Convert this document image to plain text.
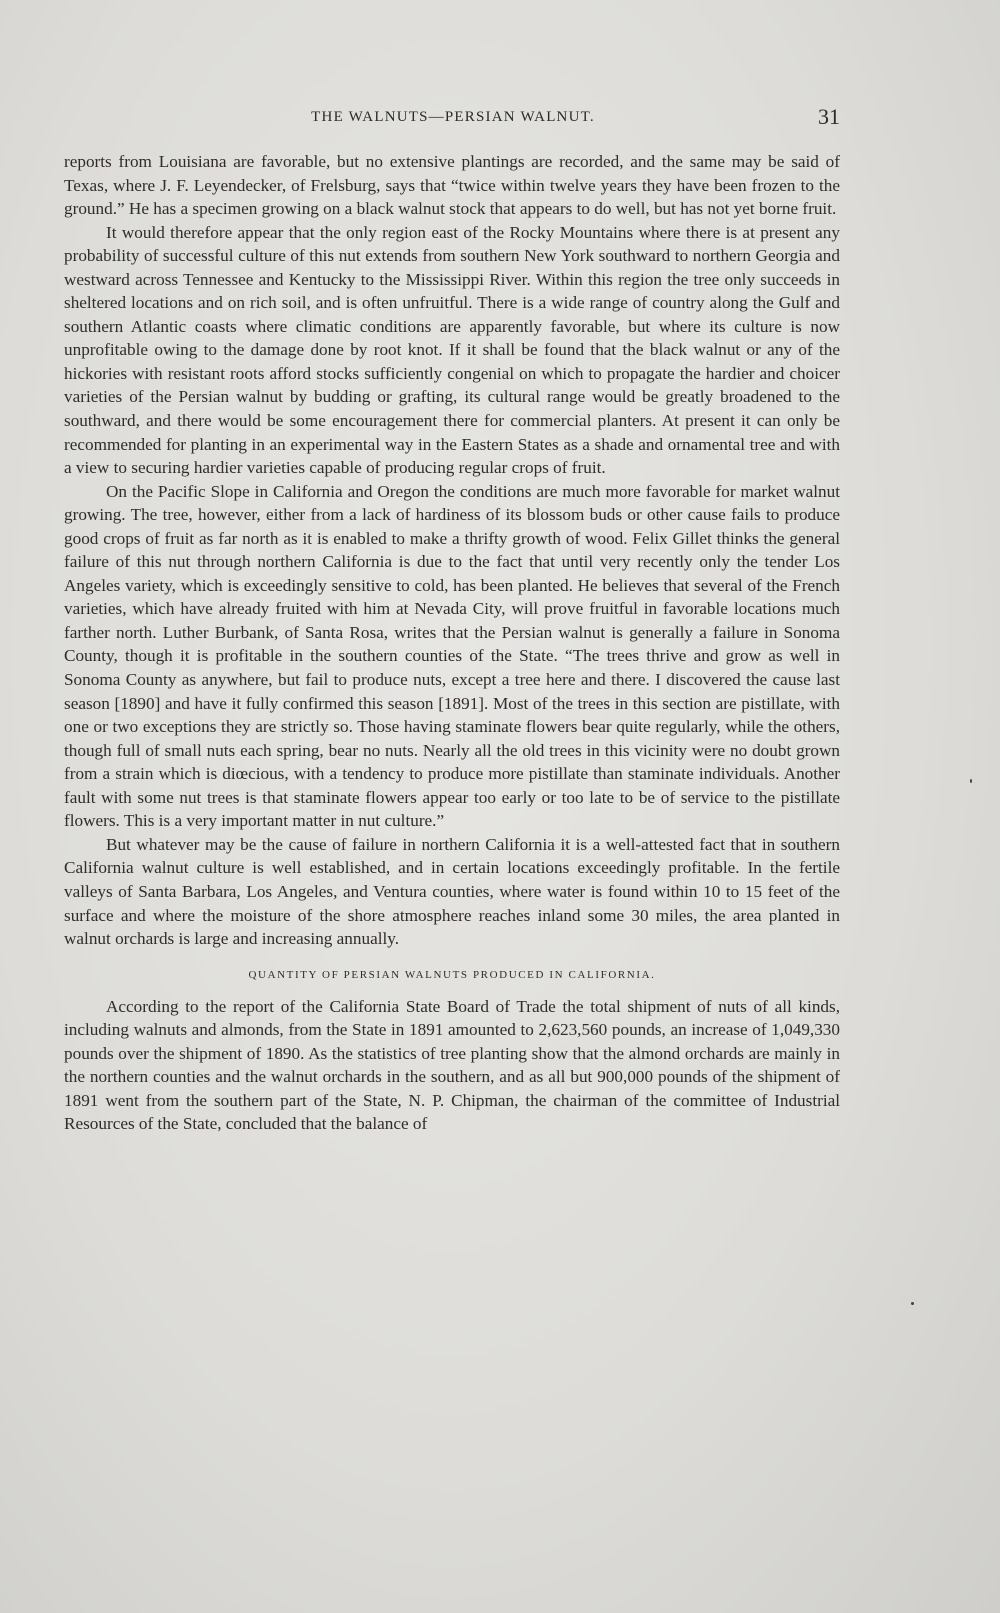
THE WALNUTS—PERSIAN WALNUT.	31

reports from Louisiana are favorable, but no extensive plantings are recorded, and the same may be said of Texas, where J. F. Leyendecker, of Frelsburg, says that “twice within twelve years they have been frozen to the ground.” He has a specimen growing on a black walnut stock that appears to do well, but has not yet borne fruit.

It would therefore appear that the only region east of the Rocky Mountains where there is at present any probability of successful culture of this nut extends from southern New York southward to northern Georgia and westward across Tennessee and Kentucky to the Mississippi River. Within this region the tree only succeeds in sheltered locations and on rich soil, and is often unfruitful. There is a wide range of country along the Gulf and southern Atlantic coasts where climatic conditions are apparently favorable, but where its culture is now unprofitable owing to the damage done by root knot. If it shall be found that the black walnut or any of the hickories with resistant roots afford stocks sufficiently congenial on which to propagate the hardier and choicer varieties of the Persian walnut by budding or grafting, its cultural range would be greatly broadened to the southward, and there would be some encouragement there for commercial planters. At present it can only be recommended for planting in an experimental way in the Eastern States as a shade and ornamental tree and with a view to securing hardier varieties capable of producing regular crops of fruit.

On the Pacific Slope in California and Oregon the conditions are much more favorable for market walnut growing. The tree, however, either from a lack of hardiness of its blossom buds or other cause fails to produce good crops of fruit as far north as it is enabled to make a thrifty growth of wood. Felix Gillet thinks the general failure of this nut through northern California is due to the fact that until very recently only the tender Los Angeles variety, which is exceedingly sensitive to cold, has been planted. He believes that several of the French varieties, which have already fruited with him at Nevada City, will prove fruitful in favorable locations much farther north. Luther Burbank, of Santa Rosa, writes that the Persian walnut is generally a failure in Sonoma County, though it is profitable in the southern counties of the State. “The trees thrive and grow as well in Sonoma County as anywhere, but fail to produce nuts, except a tree here and there. I discovered the cause last season [1890] and have it fully confirmed this season [1891]. Most of the trees in this section are pistillate, with one or two exceptions they are strictly so. Those having staminate flowers bear quite regularly, while the others, though full of small nuts each spring, bear no nuts. Nearly all the old trees in this vicinity were no doubt grown from a strain which is diœcious, with a tendency to produce more pistillate than staminate individuals. Another fault with some nut trees is that staminate flowers appear too early or too late to be of service to the pistillate flowers. This is a very important matter in nut culture.”

But whatever may be the cause of failure in northern California it is a well-attested fact that in southern California walnut culture is well established, and in certain locations exceedingly profitable. In the fertile valleys of Santa Barbara, Los Angeles, and Ventura counties, where water is found within 10 to 15 feet of the surface and where the moisture of the shore atmosphere reaches inland some 30 miles, the area planted in walnut orchards is large and increasing annually.

QUANTITY OF PERSIAN WALNUTS PRODUCED IN CALIFORNIA.

According to the report of the California State Board of Trade the total shipment of nuts of all kinds, including walnuts and almonds, from the State in 1891 amounted to 2,623,560 pounds, an increase of 1,049,330 pounds over the shipment of 1890. As the statistics of tree planting show that the almond orchards are mainly in the northern counties and the walnut orchards in the southern, and as all but 900,000 pounds of the shipment of 1891 went from the southern part of the State, N. P. Chipman, the chairman of the committee of Industrial Resources of the State, concluded that the balance of
